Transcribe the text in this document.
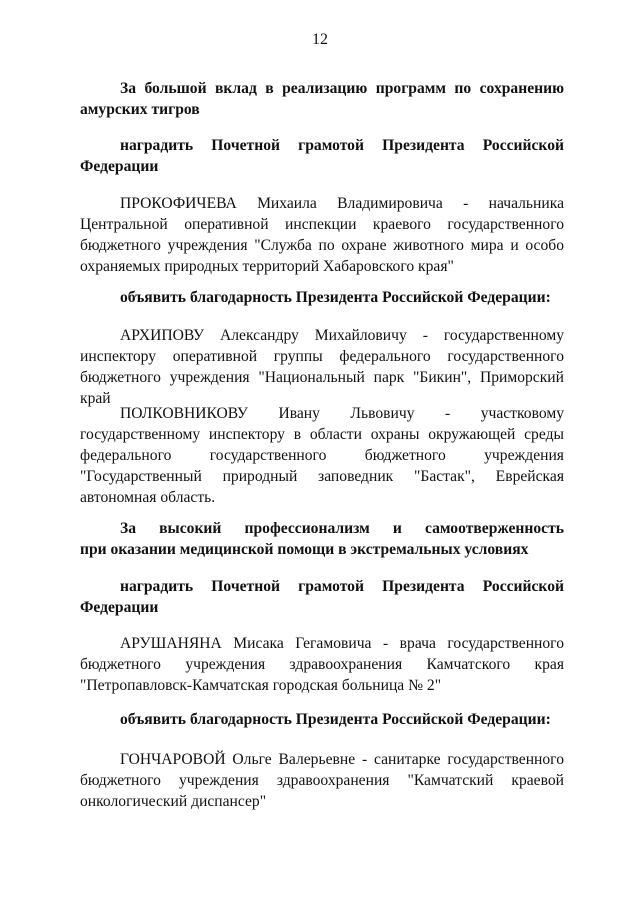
12
За большой вклад в реализацию программ по сохранению
амурских тигров
наградить Почетной грамотой Президента Российской
Федерации
ПРОКОФИЧЕВА Михаила Владимировича - начальника
Центральной оперативной инспекции краевого государственного
бюджетного учреждения "Служба по охране животного мира и особо
охраняемых природных территорий Хабаровского края"
объявить благодарность Президента Российской Федерации:
АРХИПОВУ Александру Михайловичу - государственному
инспектору оперативной группы федерального государственного
бюджетного учреждения "Национальный парк "Бикин", Приморский
край
ПОЛКОВНИКОВУ Ивану Львовичу - участковому
государственному инспектору в области охраны окружающей среды
федерального государственного бюджетного учреждения
"Государственный природный заповедник "Бастак", Еврейская
автономная область.
За высокий профессионализм и самоотверженность
при оказании медицинской помощи в экстремальных условиях
наградить Почетной грамотой Президента Российской
Федерации
АРУШАНЯНА Мисака Гегамовича - врача государственного
бюджетного учреждения здравоохранения Камчатского края
"Петропавловск-Камчатская городская больница № 2"
объявить благодарность Президента Российской Федерации:
ГОНЧАРОВОЙ Ольге Валерьевне - санитарке государственного
бюджетного учреждения здравоохранения "Камчатский краевой
онкологический диспансер"
